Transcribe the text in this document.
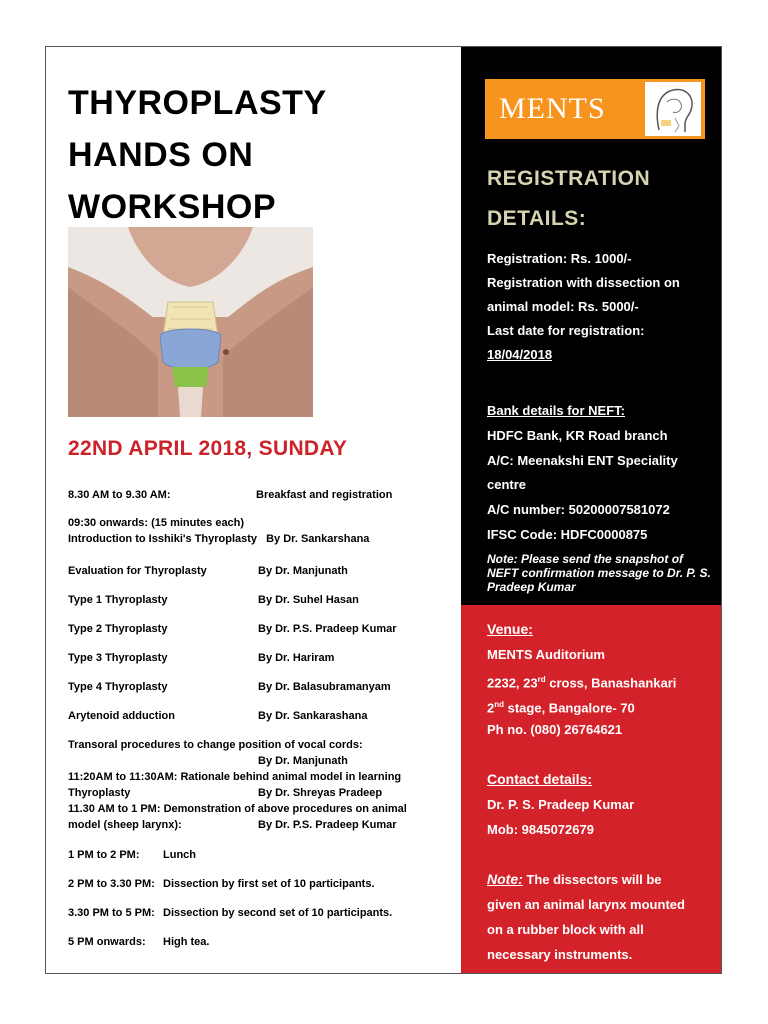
THYROPLASTY
HANDS ON
WORKSHOP
22ND APRIL 2018, SUNDAY
8.30 AM to 9.30 AM:	Breakfast and registration
09:30 onwards: (15 minutes each)
Introduction to Isshiki's Thyroplasty By Dr. Sankarshana
Evaluation for Thyroplasty	By Dr. Manjunath
Type 1 Thyroplasty	By Dr. Suhel Hasan
Type 2 Thyroplasty	By Dr. P.S. Pradeep Kumar
Type 3 Thyroplasty	By Dr. Hariram
Type 4 Thyroplasty	By Dr. Balasubramanyam
Arytenoid adduction	By Dr. Sankarashana
Transoral procedures to change position of vocal cords:
By Dr. Manjunath
11:20AM to 11:30AM: Rationale behind animal model in learning
Thyroplasty	By Dr. Shreyas Pradeep
11.30 AM to 1 PM: Demonstration of above procedures on animal
model (sheep larynx):	By Dr. P.S. Pradeep Kumar
1 PM to 2 PM: Lunch
2 PM to 3.30 PM: Dissection by first set of 10 participants.
3.30 PM to 5 PM: Dissection by second set of 10 participants.
5 PM onwards: High tea.
MENTS
REGISTRATION
DETAILS:
Registration: Rs. 1000/-
Registration with dissection on
animal model: Rs. 5000/-
Last date for registration:
18/04/2018
Bank details for NEFT:
HDFC Bank, KR Road branch
A/C: Meenakshi ENT Speciality
centre
A/C number: 50200007581072
IFSC Code: HDFC0000875
Note: Please send the snapshot of NEFT confirmation message to Dr. P. S. Pradeep Kumar
Venue:
MENTS Auditorium
2232, 23rd cross, Banashankari
2nd stage, Bangalore- 70
Ph no. (080) 26764621
Contact details:
Dr. P. S. Pradeep Kumar
Mob: 9845072679
Note: The dissectors will be
given an animal larynx mounted
on a rubber block with all
necessary instruments.
